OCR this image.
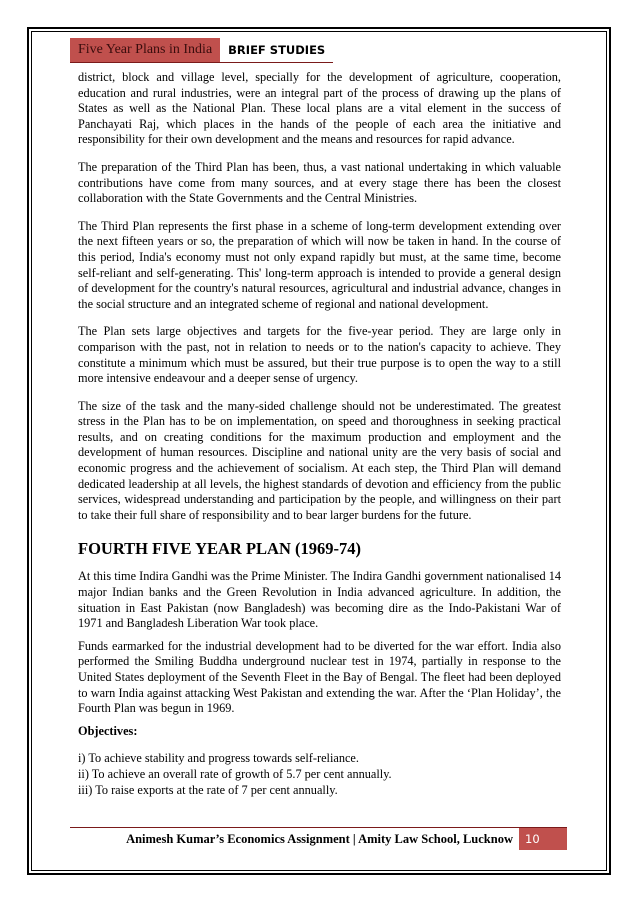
Five Year Plans in India	BRIEF STUDIES

district, block and village level, specially for the development of agriculture, cooperation, education and rural industries, were an integral part of the process of drawing up the plans of States as well as the National Plan. These local plans are a vital element in the success of Panchayati Raj, which places in the hands of the people of each area the initiative and responsibility for their own development and the means and resources for rapid advance.

The preparation of the Third Plan has been, thus, a vast national undertaking in which valuable contributions have come from many sources, and at every stage there has been the closest collaboration with the State Governments and the Central Ministries.

The Third Plan represents the first phase in a scheme of long-term development extending over the next fifteen years or so, the preparation of which will now be taken in hand. In the course of this period, India's economy must not only expand rapidly but must, at the same time, become self-reliant and self-generating. This' long-term approach is intended to provide a general design of development for the country's natural resources, agricultural and industrial advance, changes in the social structure and an integrated scheme of regional and national development.

The Plan sets large objectives and targets for the five-year period. They are large only in comparison with the past, not in relation to needs or to the nation's capacity to achieve. They constitute a minimum which must be assured, but their true purpose is to open the way to a still more intensive endeavour and a deeper sense of urgency.

The size of the task and the many-sided challenge should not be underestimated. The greatest stress in the Plan has to be on implementation, on speed and thoroughness in seeking practical results, and on creating conditions for the maximum production and employment and the development of human resources. Discipline and national unity are the very basis of social and economic progress and the achievement of socialism. At each step, the Third Plan will demand dedicated leadership at all levels, the highest standards of devotion and efficiency from the public services, widespread understanding and participation by the people, and willingness on their part to take their full share of responsibility and to bear larger burdens for the future.

FOURTH FIVE YEAR PLAN (1969-74)

At this time Indira Gandhi was the Prime Minister. The Indira Gandhi government nationalised 14 major Indian banks and the Green Revolution in India advanced agriculture. In addition, the situation in East Pakistan (now Bangladesh) was becoming dire as the Indo-Pakistani War of 1971 and Bangladesh Liberation War took place.

Funds earmarked for the industrial development had to be diverted for the war effort. India also performed the Smiling Buddha underground nuclear test in 1974, partially in response to the United States deployment of the Seventh Fleet in the Bay of Bengal. The fleet had been deployed to warn India against attacking West Pakistan and extending the war. After the ‘Plan Holiday’, the Fourth Plan was begun in 1969.

Objectives:

i) To achieve stability and progress towards self-reliance.
ii) To achieve an overall rate of growth of 5.7 per cent annually.
iii) To raise exports at the rate of 7 per cent annually.
Animesh Kumar’s Economics Assignment | Amity Law School, Lucknow	10
